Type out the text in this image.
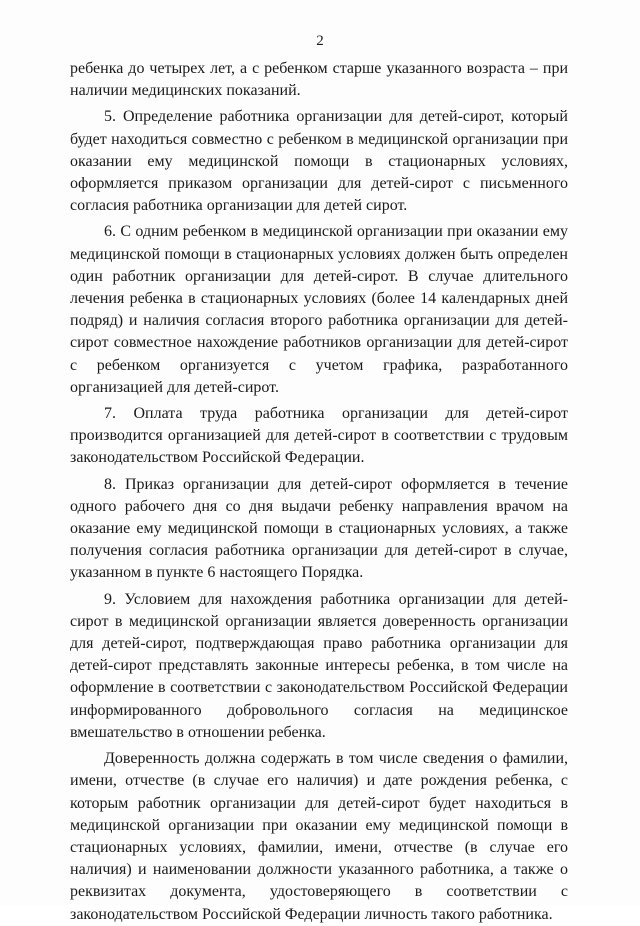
2

ребенка до четырех лет, а с ребенком старше указанного возраста – при наличии медицинских показаний.

5. Определение работника организации для детей-сирот, который будет находиться совместно с ребенком в медицинской организации при оказании ему медицинской помощи в стационарных условиях, оформляется приказом организации для детей-сирот с письменного согласия работника организации для детей сирот.

6. С одним ребенком в медицинской организации при оказании ему медицинской помощи в стационарных условиях должен быть определен один работник организации для детей-сирот. В случае длительного лечения ребенка в стационарных условиях (более 14 календарных дней подряд) и наличия согласия второго работника организации для детей-сирот совместное нахождение работников организации для детей-сирот с ребенком организуется с учетом графика, разработанного организацией для детей-сирот.

7. Оплата труда работника организации для детей-сирот производится организацией для детей-сирот в соответствии с трудовым законодательством Российской Федерации.

8. Приказ организации для детей-сирот оформляется в течение одного рабочего дня со дня выдачи ребенку направления врачом на оказание ему медицинской помощи в стационарных условиях, а также получения согласия работника организации для детей-сирот в случае, указанном в пункте 6 настоящего Порядка.

9. Условием для нахождения работника организации для детей-сирот в медицинской организации является доверенность организации для детей-сирот, подтверждающая право работника организации для детей-сирот представлять законные интересы ребенка, в том числе на оформление в соответствии с законодательством Российской Федерации информированного добровольного согласия на медицинское вмешательство в отношении ребенка.

Доверенность должна содержать в том числе сведения о фамилии, имени, отчестве (в случае его наличия) и дате рождения ребенка, с которым работник организации для детей-сирот будет находиться в медицинской организации при оказании ему медицинской помощи в стационарных условиях, фамилии, имени, отчестве (в случае его наличия) и наименовании должности указанного работника, а также о реквизитах документа, удостоверяющего в соответствии с законодательством Российской Федерации личность такого работника.
